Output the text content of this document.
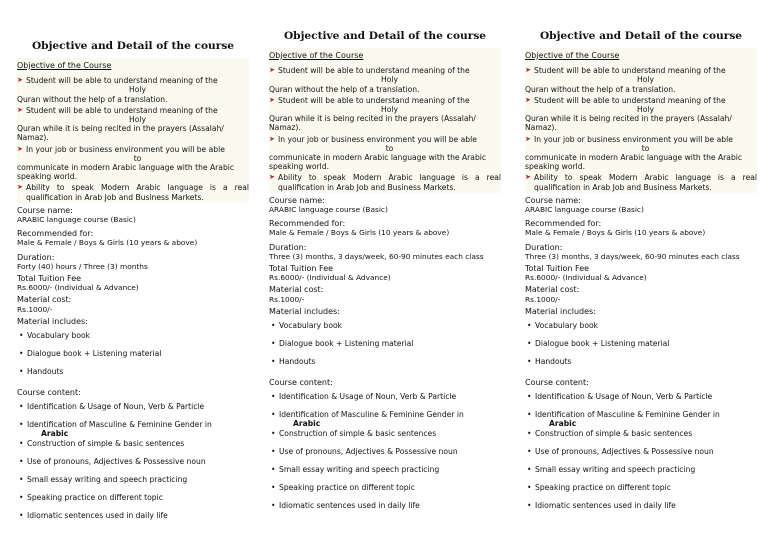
Objective and Detail of the course
Objective of the Course
➤ Student will be able to understand meaning of the
Holy

Quran without the help of a translation.

➤ Student will be able to understand meaning of the
Holy

Quran while it is being recited in the prayers (Assalah/ Namaz).

➤ In your job or business environment you will be able
to

communicate in modern Arabic language with the Arabic speaking world.

➤ Ability to speak Modern Arabic language is a real qualification in Arab Job and Business Markets.
Course name:
ARABIC language course (Basic)
Recommended for:
Male & Female / Boys & Girls (10 years & above)
Duration:
Forty (40) hours / Three (3) months
Total Tuition Fee
Rs.6000/- (Individual & Advance)
Material cost:
Rs.1000/-
Material includes:
• Vocabulary book
• Dialogue book + Listening material
• Handouts
Course content:
• Identification & Usage of Noun, Verb & Particle
• Identification of Masculine & Feminine Gender in
Arabic
• Construction of simple & basic sentences
• Use of pronouns, Adjectives & Possessive noun
• Small essay writing and speech practicing
• Speaking practice on different topic
• Idiomatic sentences used in daily life
Objective and Detail of the course
Objective of the Course
➤ Student will be able to understand meaning of the
Holy

Quran without the help of a translation.

➤ Student will be able to understand meaning of the
Holy

Quran while it is being recited in the prayers (Assalah/ Namaz).

➤ In your job or business environment you will be able
to

communicate in modern Arabic language with the Arabic speaking world.

➤ Ability to speak Modern Arabic language is a real qualification in Arab Job and Business Markets.
Course name:
ARABIC language course (Basic)
Recommended for:
Male & Female / Boys & Girls (10 years & above)
Duration:
Three (3) months, 3 days/week, 60-90 minutes each class
Total Tuition Fee
Rs.6000/- (Individual & Advance)
Material cost:
Rs.1000/-
Material includes:
• Vocabulary book
• Dialogue book + Listening material
• Handouts
Course content:
• Identification & Usage of Noun, Verb & Particle
• Identification of Masculine & Feminine Gender in
Arabic
• Construction of simple & basic sentences
• Use of pronouns, Adjectives & Possessive noun
• Small essay writing and speech practicing
• Speaking practice on different topic
• Idiomatic sentences used in daily life
Objective and Detail of the course
Objective of the Course
➤ Student will be able to understand meaning of the
Holy

Quran without the help of a translation.

➤ Student will be able to understand meaning of the
Holy

Quran while it is being recited in the prayers (Assalah/ Namaz).

➤ In your job or business environment you will be able
to

communicate in modern Arabic language with the Arabic speaking world.

➤ Ability to speak Modern Arabic language is a real qualification in Arab Job and Business Markets.
Course name:
ARABIC language course (Basic)
Recommended for:
Male & Female / Boys & Girls (10 years & above)
Duration:
Three (3) months, 3 days/week, 60-90 minutes each class
Total Tuition Fee
Rs.6000/- (Individual & Advance)
Material cost:
Rs.1000/-
Material includes:
• Vocabulary book
• Dialogue book + Listening material
• Handouts
Course content:
• Identification & Usage of Noun, Verb & Particle
• Identification of Masculine & Feminine Gender in
Arabic
• Construction of simple & basic sentences
• Use of pronouns, Adjectives & Possessive noun
• Small essay writing and speech practicing
• Speaking practice on different topic
• Idiomatic sentences used in daily life
